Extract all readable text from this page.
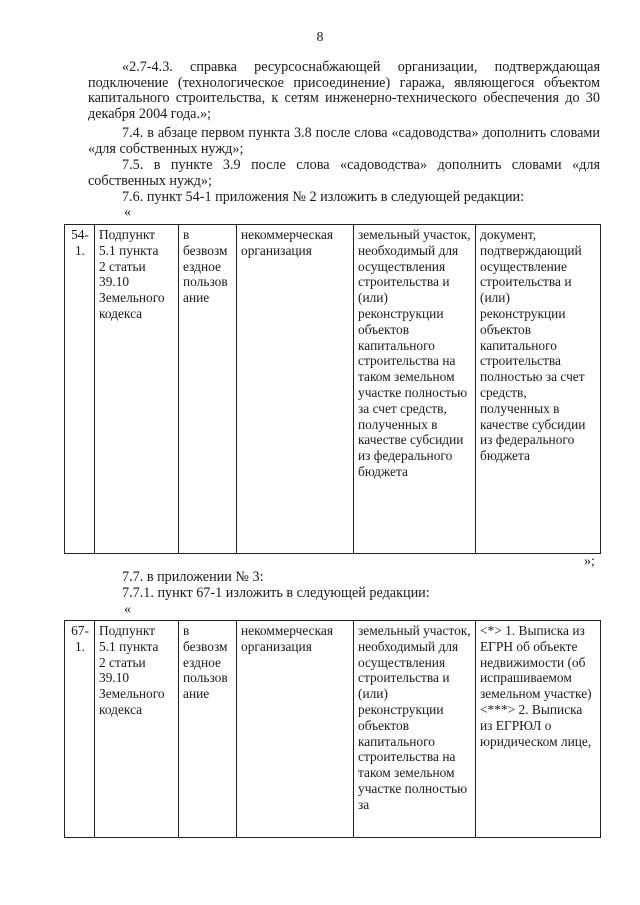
8
«2.7-4.3. справка ресурсоснабжающей организации, подтверждающая подключение (технологическое присоединение) гаража, являющегося объектом капитального строительства, к сетям инженерно-технического обеспечения до 30 декабря 2004 года.»;
7.4. в абзаце первом пункта 3.8 после слова «садоводства» дополнить словами «для собственных нужд»;
7.5. в пункте 3.9 после слова «садоводства» дополнить словами «для собственных нужд»;
7.6. пункт 54-1 приложения № 2 изложить в следующей редакции:
«
54-
1.	Подпункт
5.1 пункта
2 статьи
39.10
Земельного
кодекса	в
безвозм
ездное
пользов
ание	некоммерческая организация	земельный участок, необходимый для осуществления строительства и (или) реконструкции объектов капитального строительства на таком земельном участке полностью за счет средств, полученных в качестве субсидии из федерального бюджета	документ, подтверждающий осуществление строительства и (или) реконструкции объектов капитального строительства полностью за счет средств, полученных в качестве субсидии из федерального бюджета
»;
7.7. в приложении № 3:
7.7.1. пункт 67-1 изложить в следующей редакции:
«
67-
1.	Подпункт
5.1 пункта
2 статьи
39.10
Земельного
кодекса	в
безвозм
ездное
пользов
ание	некоммерческая организация	земельный участок, необходимый для осуществления строительства и (или) реконструкции объектов капитального строительства на таком земельном участке полностью за	<*> 1. Выписка из ЕГРН об объекте недвижимости (об испрашиваемом земельном участке) <***> 2. Выписка из ЕГРЮЛ о юридическом лице,
